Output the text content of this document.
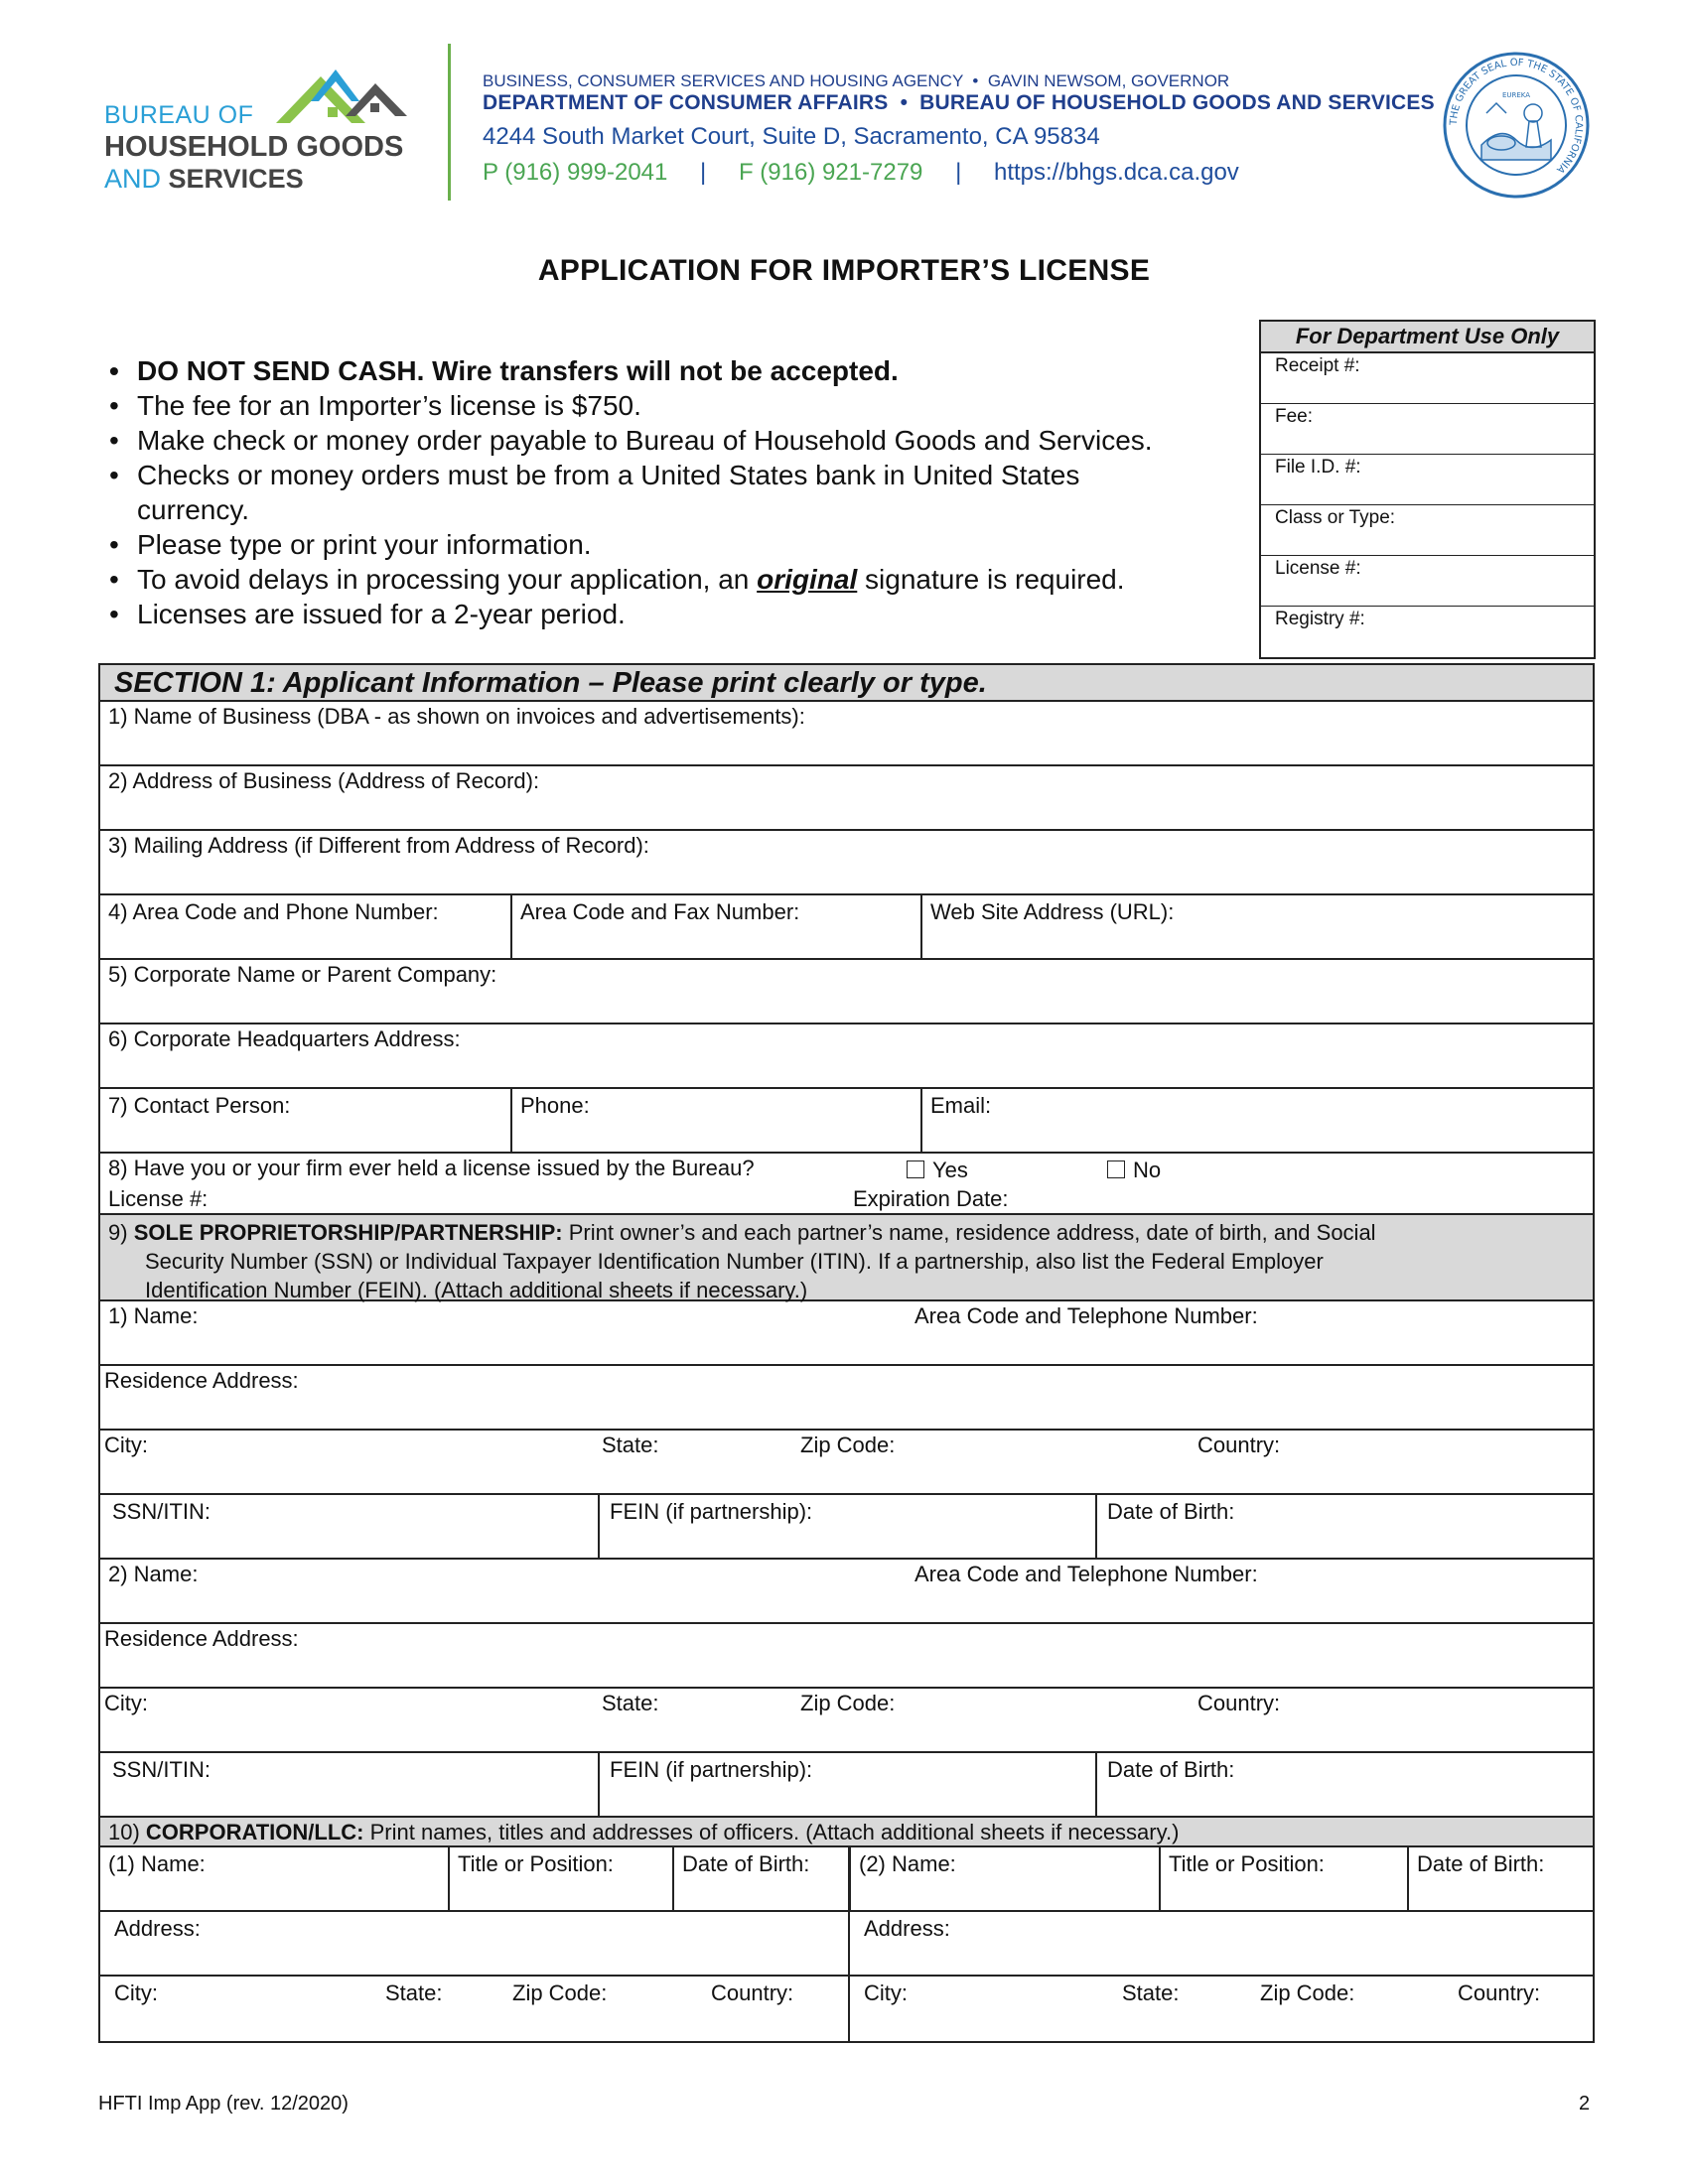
BUREAU OF
HOUSEHOLD GOODS
AND SERVICES
BUSINESS, CONSUMER SERVICES AND HOUSING AGENCY  •  GAVIN NEWSOM, GOVERNOR
DEPARTMENT OF CONSUMER AFFAIRS  •  BUREAU OF HOUSEHOLD GOODS AND SERVICES
4244 South Market Court, Suite D, Sacramento, CA 95834
P (916) 999-2041 | F (916) 921-7279 | https://bhgs.dca.ca.gov
THE GREAT SEAL OF THE STATE OF CALIFORNIA
EUREKA
APPLICATION FOR IMPORTER’S LICENSE
• DO NOT SEND CASH. Wire transfers will not be accepted.
• The fee for an Importer’s license is $750.
• Make check or money order payable to Bureau of Household Goods and Services.
• Checks or money orders must be from a United States bank in United States
currency.
• Please type or print your information.
• To avoid delays in processing your application, an original signature is required.
• Licenses are issued for a 2-year period.
For Department Use Only
Receipt #:
Fee:
File I.D. #:
Class or Type:
License #:
Registry #:
SECTION 1: Applicant Information – Please print clearly or type.
1) Name of Business (DBA - as shown on invoices and advertisements):
2) Address of Business (Address of Record):
3) Mailing Address (if Different from Address of Record):
4) Area Code and Phone Number:	Area Code and Fax Number:	Web Site Address (URL):
5) Corporate Name or Parent Company:
6) Corporate Headquarters Address:
7) Contact Person:	Phone:	Email:
8) Have you or your firm ever held a license issued by the Bureau?	Yes	No
License #:	Expiration Date:
9) SOLE PROPRIETORSHIP/PARTNERSHIP: Print owner’s and each partner’s name, residence address, date of birth, and Social
Security Number (SSN) or Individual Taxpayer Identification Number (ITIN). If a partnership, also list the Federal Employer
Identification Number (FEIN). (Attach additional sheets if necessary.)
1) Name:	Area Code and Telephone Number:
Residence Address:
City:	State:	Zip Code:	Country:
SSN/ITIN:	FEIN (if partnership):	Date of Birth:
2) Name:	Area Code and Telephone Number:
Residence Address:
City:	State:	Zip Code:	Country:
SSN/ITIN:	FEIN (if partnership):	Date of Birth:
10) CORPORATION/LLC: Print names, titles and addresses of officers. (Attach additional sheets if necessary.)
(1) Name:	Title or Position:	Date of Birth:	(2) Name:	Title or Position:	Date of Birth:
Address:	Address:
City:	State:	Zip Code:	Country:	City:	State:	Zip Code:	Country:
HFTI Imp App (rev. 12/2020)	2
